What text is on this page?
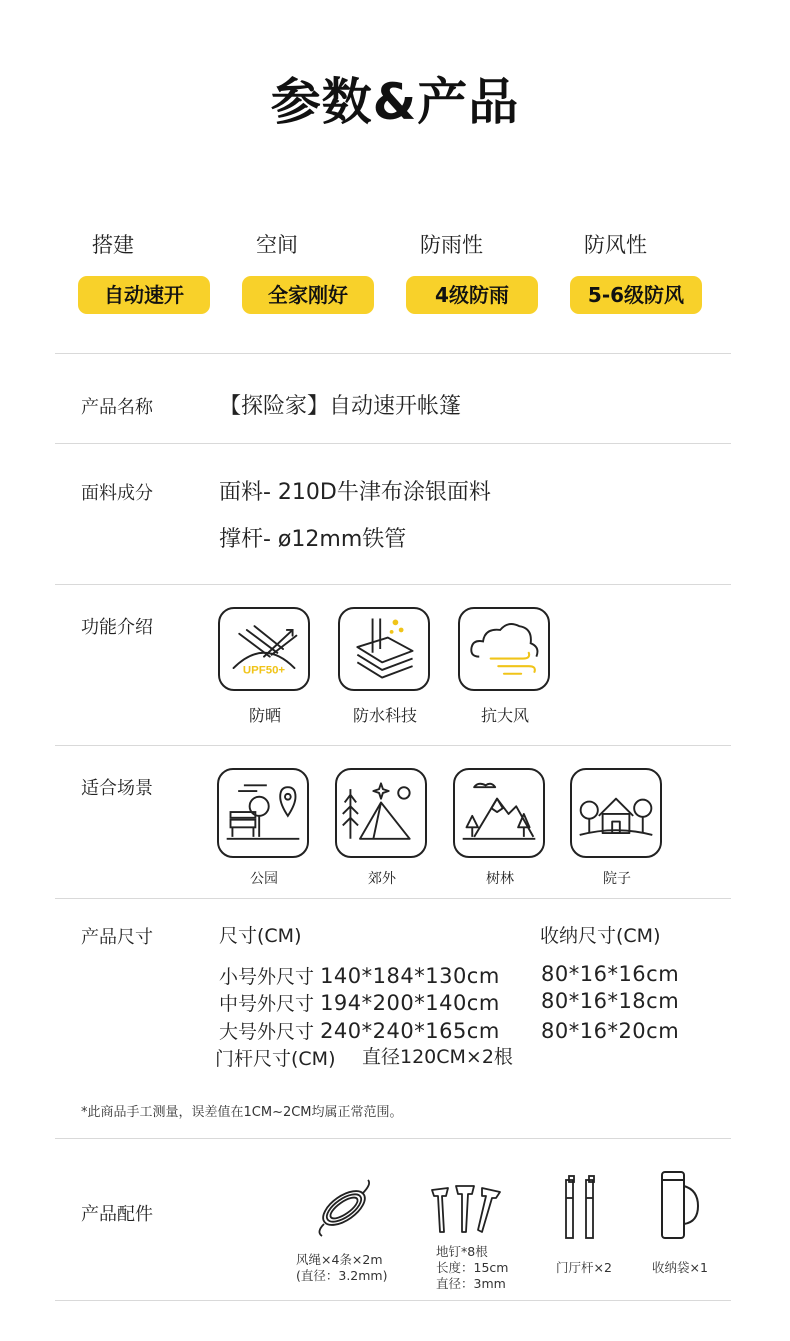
参数&产品
搭建
自动速开
空间
全家刚好
防雨性
4级防雨
防风性
5-6级防风
产品名称	【探险家】自动速开帐篷
面料成分	面料- 210D牛津布涂银面料
撑杆- ø12mm铁管
功能介绍
UPF50+
防晒	防水科技	抗大风
适合场景
公园	郊外	树林	院子
产品尺寸	尺寸(CM)	收纳尺寸(CM)
小号外尺寸 140*184*130cm 80*16*16cm
中号外尺寸 194*200*140cm 80*16*18cm
大号外尺寸 240*240*165cm 80*16*20cm
门杆尺寸(CM) 直径120CM×2根
*此商品手工测量，误差值在1CM~2CM均属正常范围。
产品配件
风绳×4条×2m
(直径：3.2mm)
地钉*8根
长度：15cm
直径：3mm
门厅杆×2	收纳袋×1
